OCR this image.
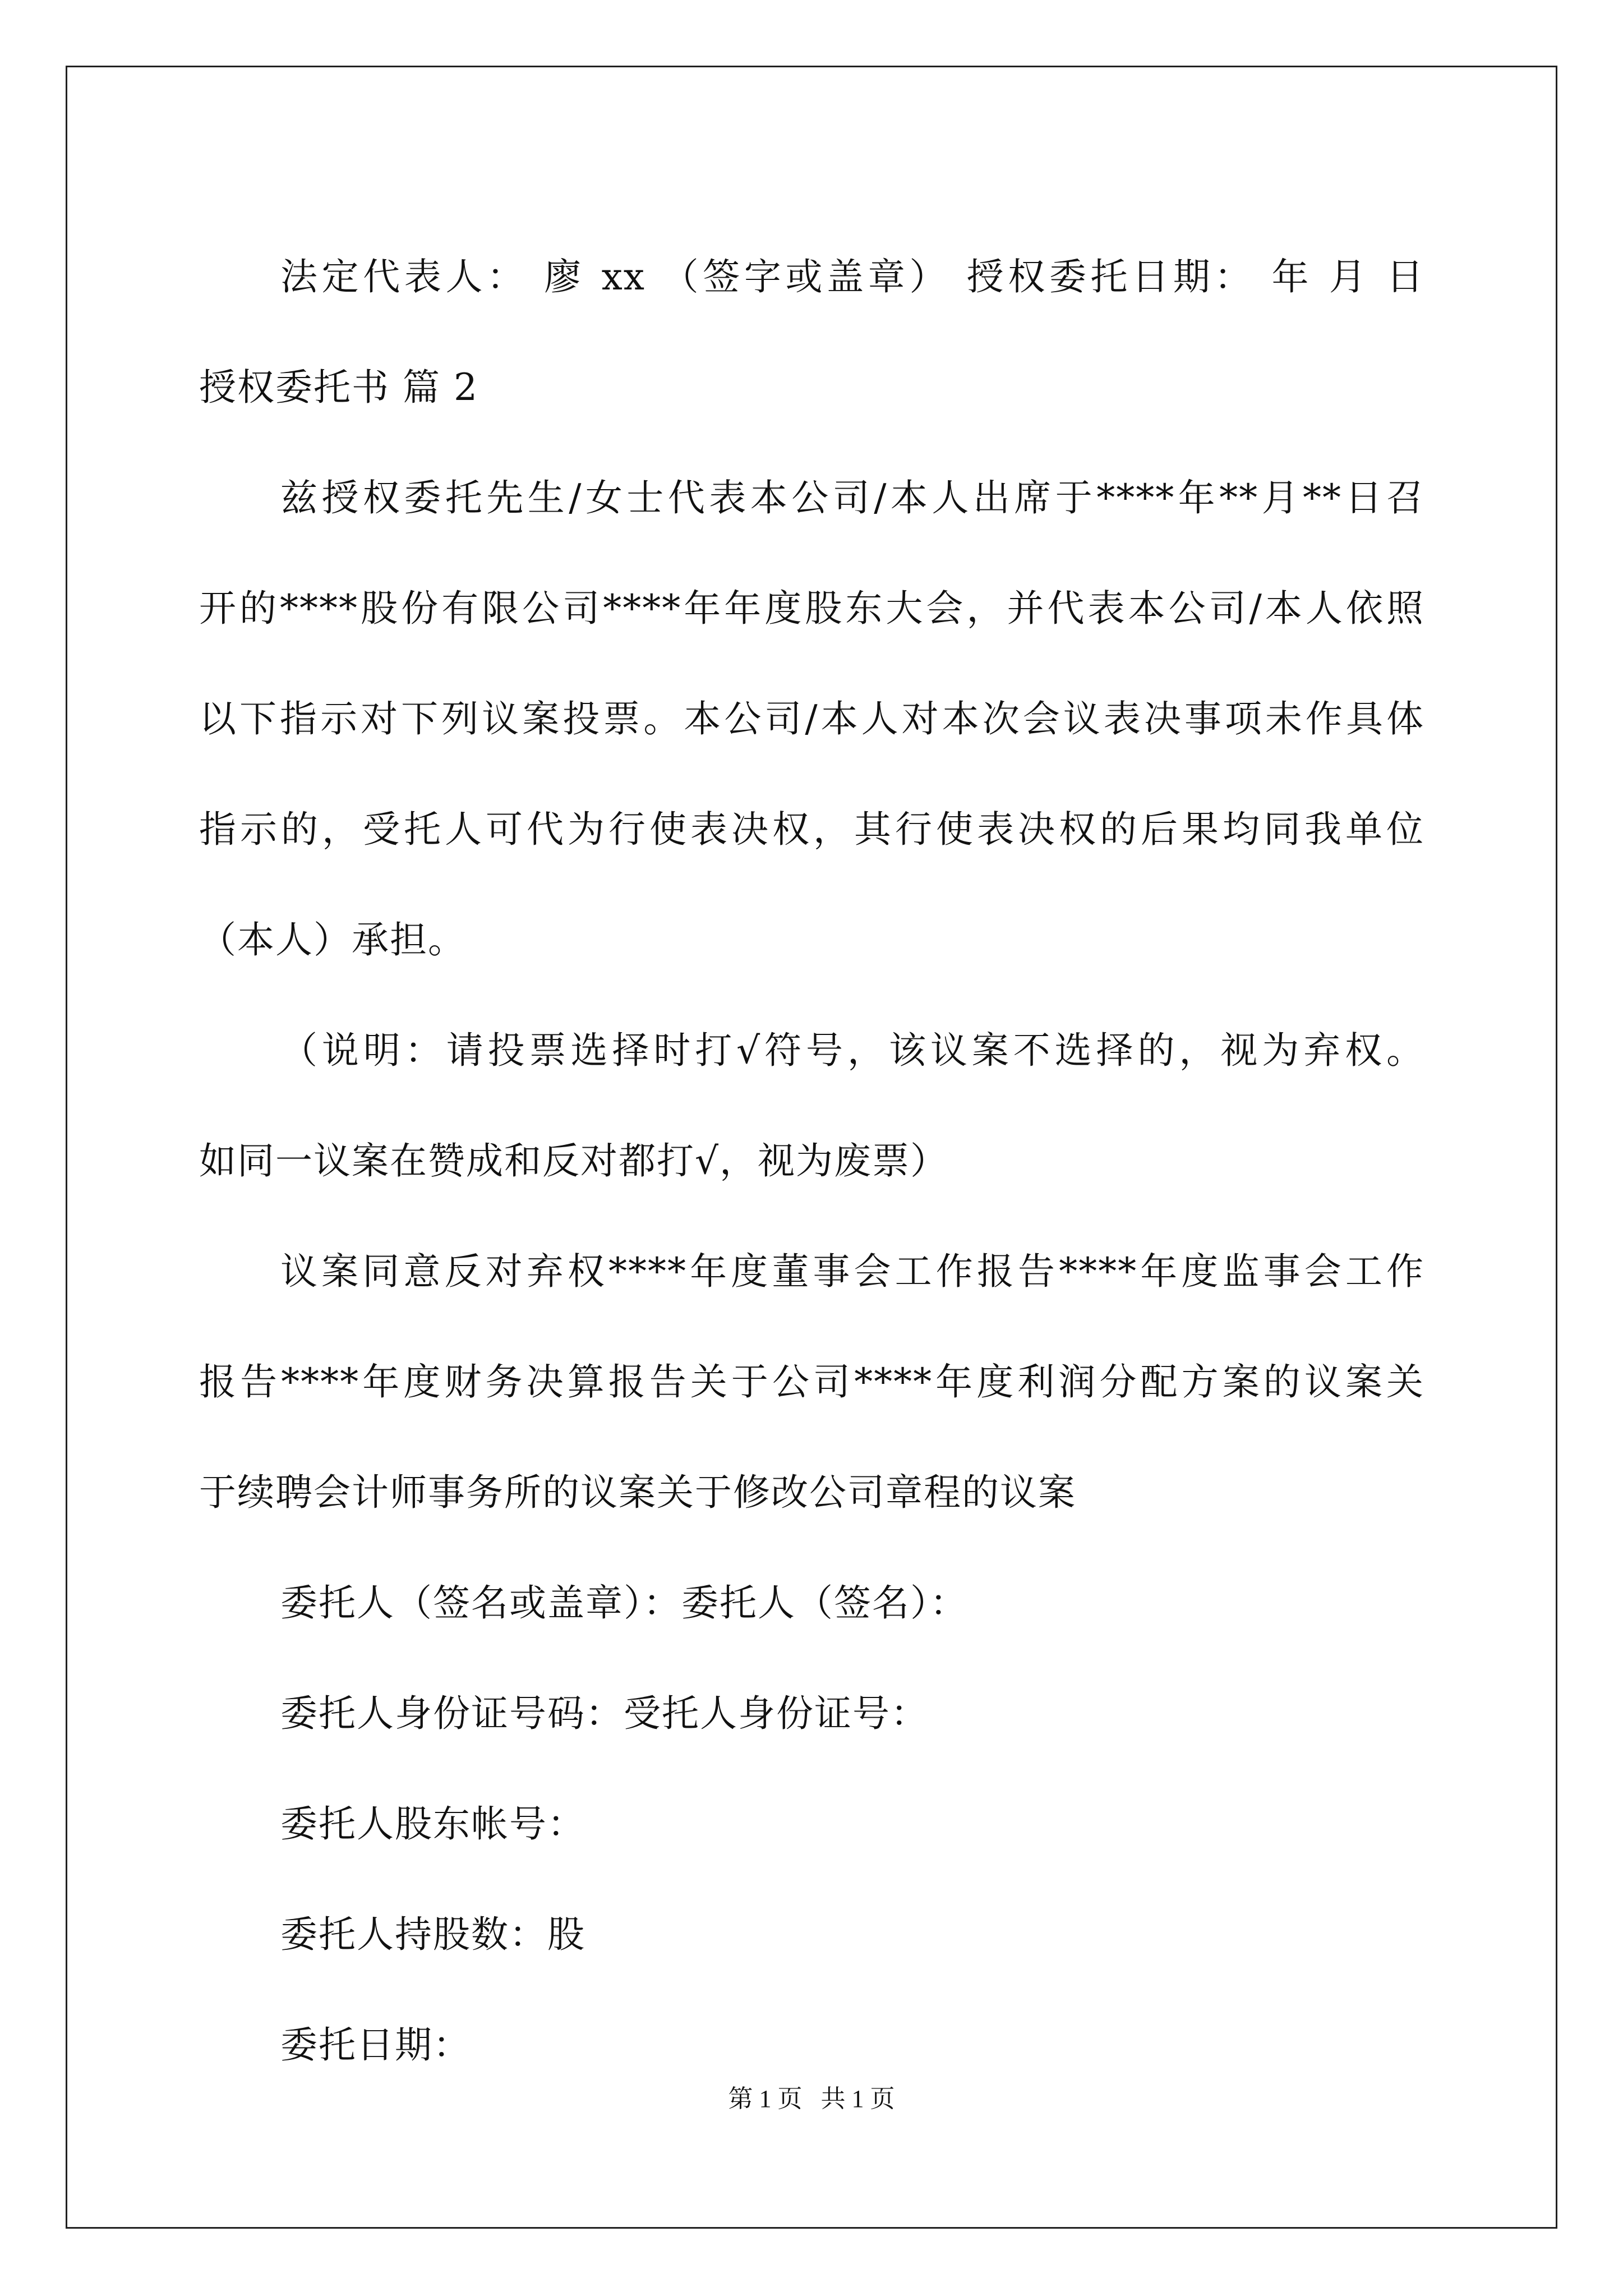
法定代表人： 廖 xx （签字或盖章） 授权委托日期： 年 月 日
授权委托书 篇 2
兹授权委托先生/女士代表本公司/本人出席于****年**月**日召
开的****股份有限公司****年年度股东大会，并代表本公司/本人依照
以下指示对下列议案投票。本公司/本人对本次会议表决事项未作具体
指示的，受托人可代为行使表决权，其行使表决权的后果均同我单位
（本人）承担。
（说明：请投票选择时打√符号，该议案不选择的，视为弃权。
如同一议案在赞成和反对都打√，视为废票）
议案同意反对弃权****年度董事会工作报告****年度监事会工作
报告****年度财务决算报告关于公司****年度利润分配方案的议案关
于续聘会计师事务所的议案关于修改公司章程的议案
委托人（签名或盖章）：委托人（签名）：
委托人身份证号码：受托人身份证号：
委托人股东帐号：
委托人持股数：股
委托日期：
第 1 页   共 1 页
